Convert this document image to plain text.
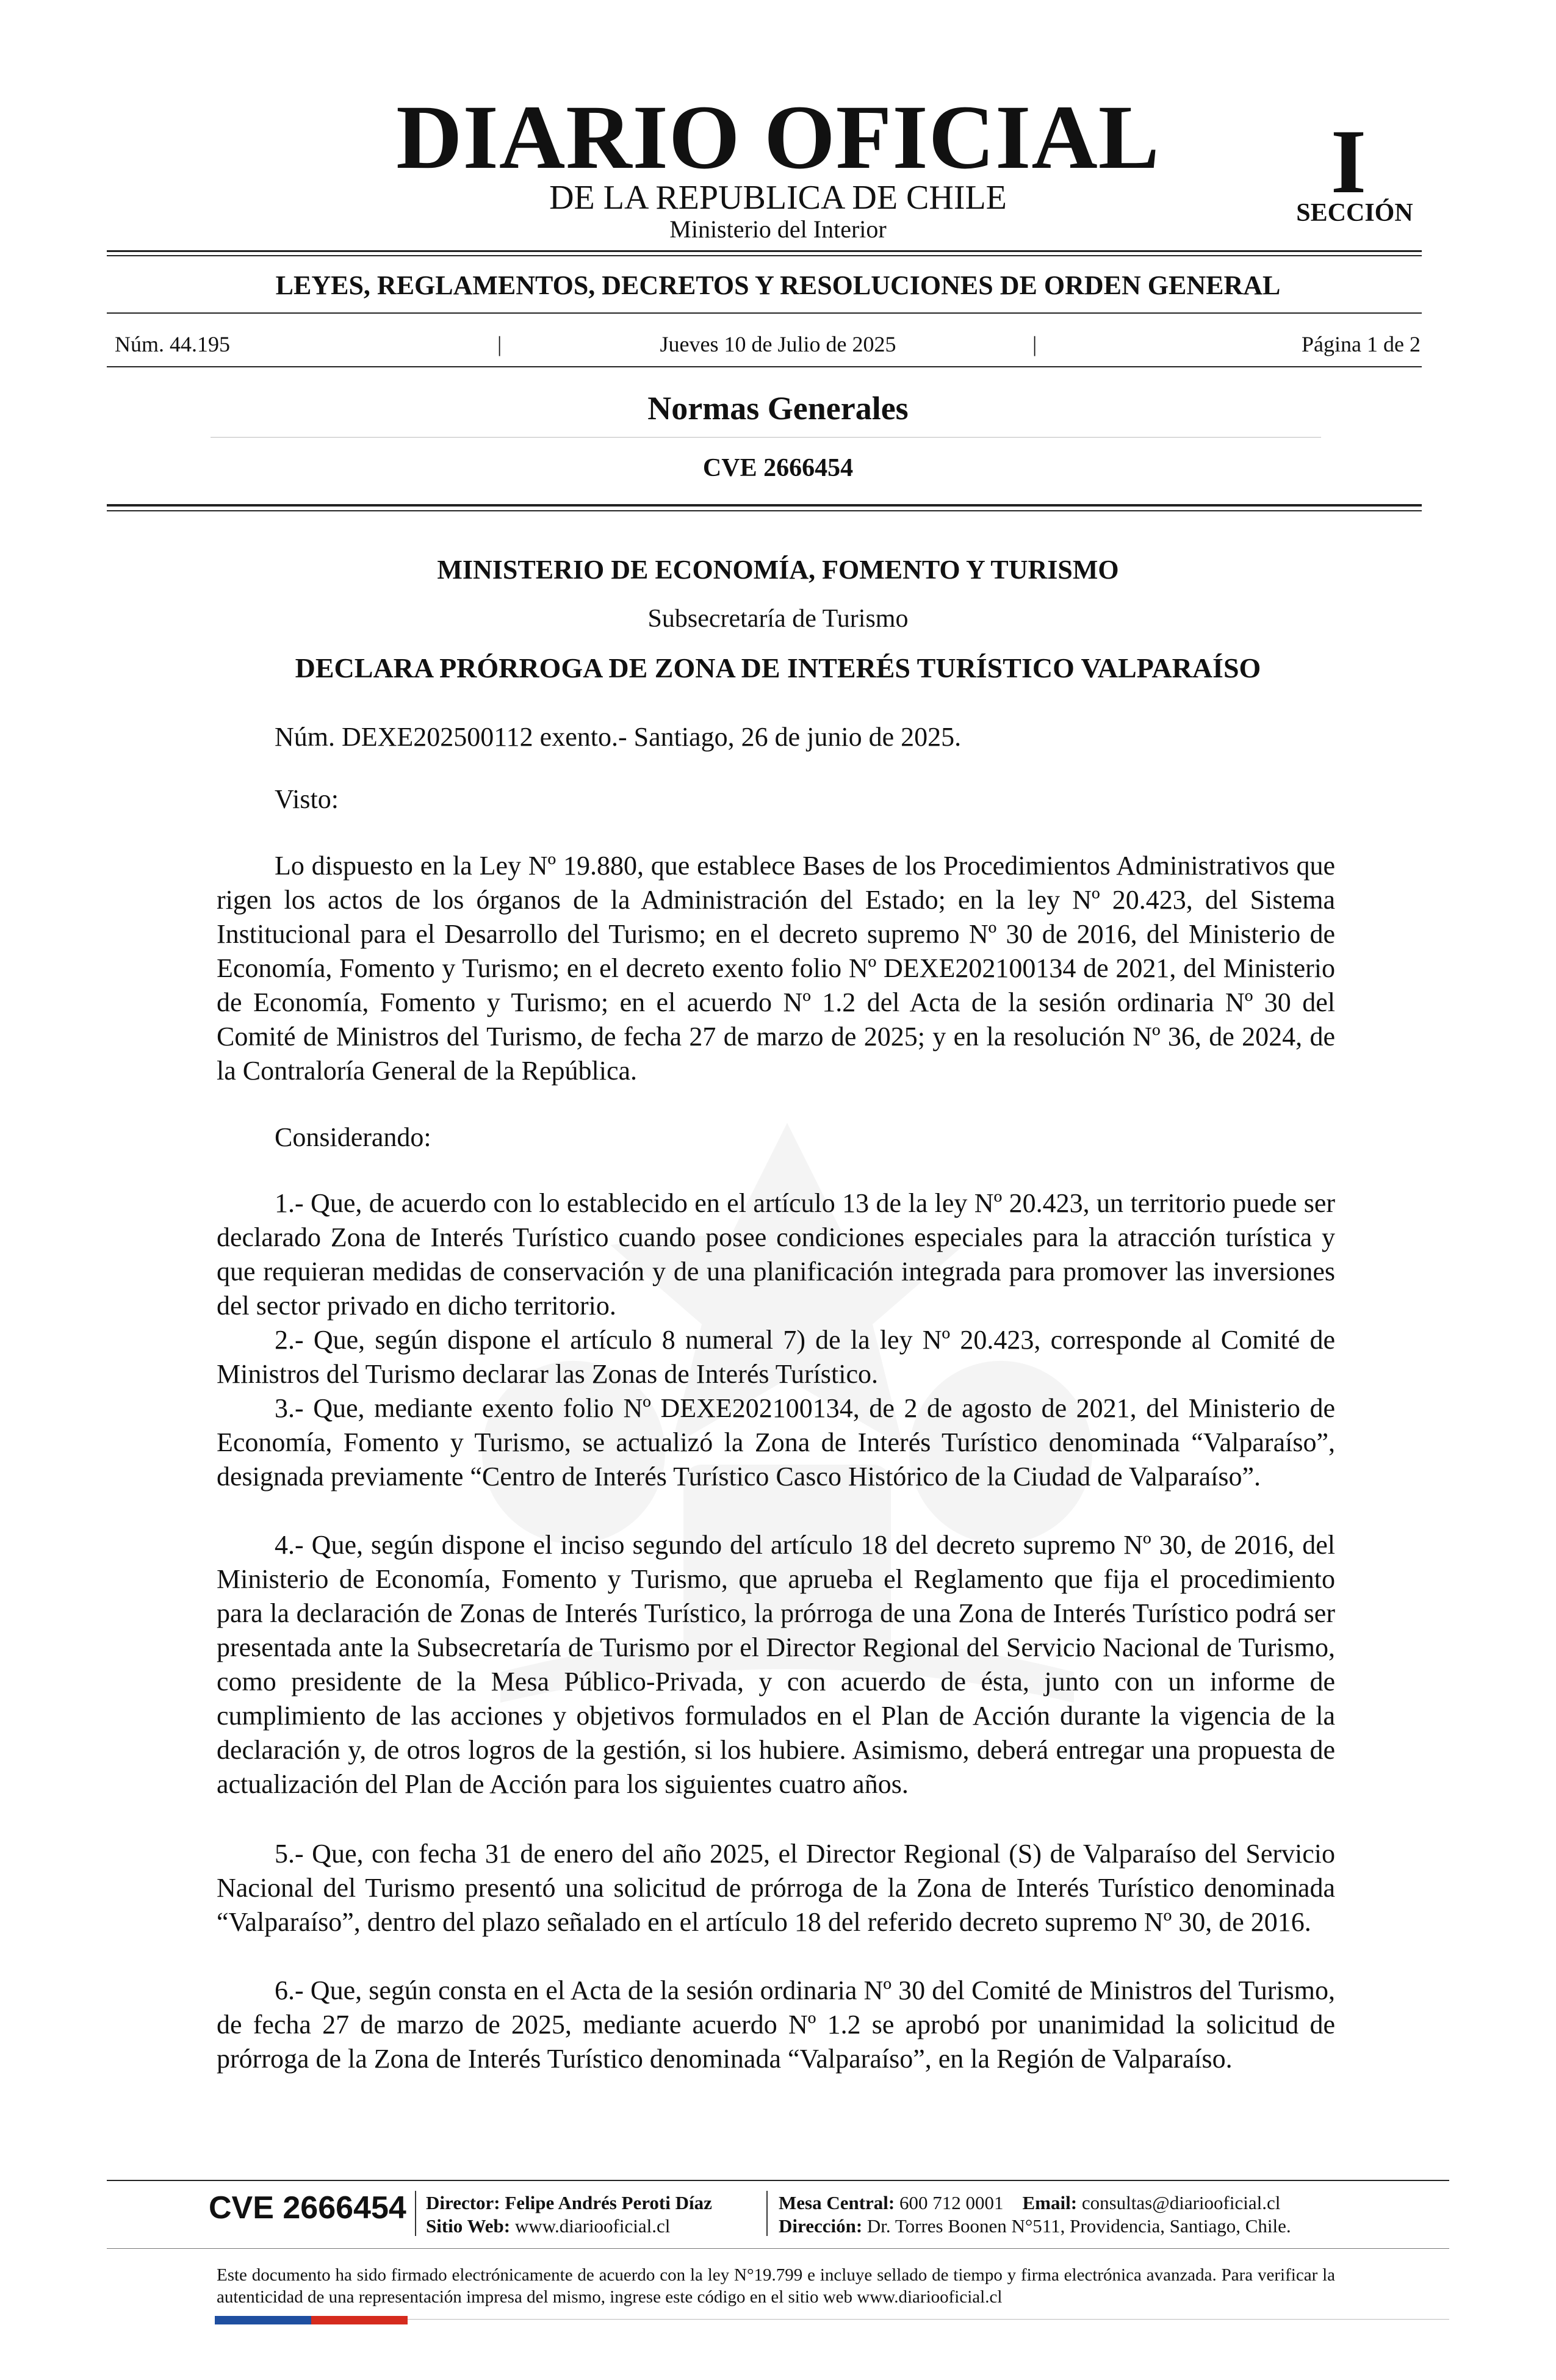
DIARIO OFICIAL
DE LA REPUBLICA DE CHILE
Ministerio del Interior
I
SECCIÓN
LEYES, REGLAMENTOS, DECRETOS Y RESOLUCIONES DE ORDEN GENERAL
Núm. 44.195	|	Jueves 10 de Julio de 2025	|	Página 1 de 2
Normas Generales
CVE 2666454
MINISTERIO DE ECONOMÍA, FOMENTO Y TURISMO
Subsecretaría de Turismo
DECLARA PRÓRROGA DE ZONA DE INTERÉS TURÍSTICO VALPARAÍSO
Núm. DEXE202500112 exento.- Santiago, 26 de junio de 2025.
Visto:

Lo dispuesto en la Ley Nº 19.880, que establece Bases de los Procedimientos Administrativos que rigen los actos de los órganos de la Administración del Estado; en la ley Nº 20.423, del Sistema Institucional para el Desarrollo del Turismo; en el decreto supremo Nº 30 de 2016, del Ministerio de Economía, Fomento y Turismo; en el decreto exento folio Nº DEXE202100134 de 2021, del Ministerio de Economía, Fomento y Turismo; en el acuerdo Nº 1.2 del Acta de la sesión ordinaria Nº 30 del Comité de Ministros del Turismo, de fecha 27 de marzo de 2025; y en la resolución Nº 36, de 2024, de la Contraloría General de la República.

Considerando:

1.- Que, de acuerdo con lo establecido en el artículo 13 de la ley Nº 20.423, un territorio puede ser declarado Zona de Interés Turístico cuando posee condiciones especiales para la atracción turística y que requieran medidas de conservación y de una planificación integrada para promover las inversiones del sector privado en dicho territorio.

2.- Que, según dispone el artículo 8 numeral 7) de la ley Nº 20.423, corresponde al Comité de Ministros del Turismo declarar las Zonas de Interés Turístico.

3.- Que, mediante exento folio Nº DEXE202100134, de 2 de agosto de 2021, del Ministerio de Economía, Fomento y Turismo, se actualizó la Zona de Interés Turístico denominada “Valparaíso”, designada previamente “Centro de Interés Turístico Casco Histórico de la Ciudad de Valparaíso”.

4.- Que, según dispone el inciso segundo del artículo 18 del decreto supremo Nº 30, de 2016, del Ministerio de Economía, Fomento y Turismo, que aprueba el Reglamento que fija el procedimiento para la declaración de Zonas de Interés Turístico, la prórroga de una Zona de Interés Turístico podrá ser presentada ante la Subsecretaría de Turismo por el Director Regional del Servicio Nacional de Turismo, como presidente de la Mesa Público-Privada, y con acuerdo de ésta, junto con un informe de cumplimiento de las acciones y objetivos formulados en el Plan de Acción durante la vigencia de la declaración y, de otros logros de la gestión, si los hubiere. Asimismo, deberá entregar una propuesta de actualización del Plan de Acción para los siguientes cuatro años.

5.- Que, con fecha 31 de enero del año 2025, el Director Regional (S) de Valparaíso del Servicio Nacional del Turismo presentó una solicitud de prórroga de la Zona de Interés Turístico denominada “Valparaíso”, dentro del plazo señalado en el artículo 18 del referido decreto supremo Nº 30, de 2016.

6.- Que, según consta en el Acta de la sesión ordinaria Nº 30 del Comité de Ministros del Turismo, de fecha 27 de marzo de 2025, mediante acuerdo Nº 1.2 se aprobó por unanimidad la solicitud de prórroga de la Zona de Interés Turístico denominada “Valparaíso”, en la Región de Valparaíso.

CVE 2666454 Director: Felipe Andrés Peroti Díaz
Sitio Web: www.diariooficial.cl
Mesa Central: 600 712 0001 Email: consultas@diariooficial.cl
Dirección: Dr. Torres Boonen N°511, Providencia, Santiago, Chile.
Este documento ha sido firmado electrónicamente de acuerdo con la ley N°19.799 e incluye sellado de tiempo y firma electrónica avanzada. Para verificar la autenticidad de una representación impresa del mismo, ingrese este código en el sitio web www.diariooficial.cl
